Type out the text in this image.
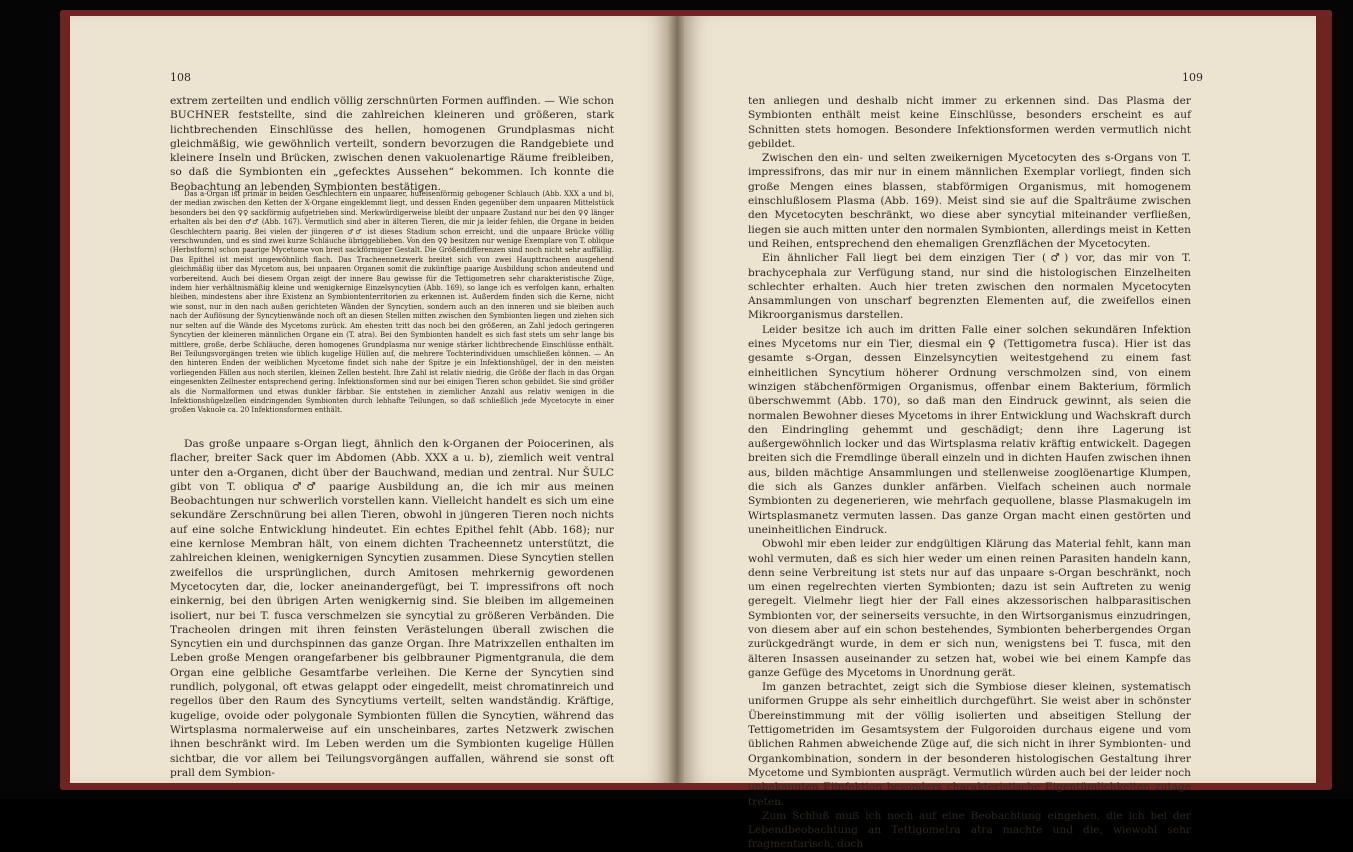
108

extrem zerteilten und endlich völlig zerschnürten Formen auffinden. — Wie schon BUCHNER feststellte, sind die zahlreichen kleineren und größeren, stark lichtbrechenden Einschlüsse des hellen, homogenen Grundplasmas nicht gleichmäßig, wie gewöhnlich verteilt, sondern bevorzugen die Randgebiete und kleinere Inseln und Brücken, zwischen denen vakuolenartige Räume freibleiben, so daß die Symbionten ein „gefecktes Aussehen“ bekommen. Ich konnte die Beobachtung an lebenden Symbionten bestätigen.

Das a-Organ ist primär in beiden Geschlechtern ein unpaarer, hufeisenförmig gebogener Schlauch (Abb. XXX a und b), der median zwischen den Ketten der X-Organe eingeklemmt liegt, und dessen Enden gegenüber dem unpaaren Mittelstück besonders bei den ♀♀ sackförmig aufgetrieben sind. Merkwürdigerweise bleibt der unpaare Zustand nur bei den ♀♀ länger erhalten als bei den ♂♂ (Abb. 167). Vermutlich sind aber in älteren Tieren, die mir ja leider fehlen, die Organe in beiden Geschlechtern paarig. Bei vielen der jüngeren ♂♂ ist dieses Stadium schon erreicht, und die unpaare Brücke völlig verschwunden, und es sind zwei kurze Schläuche übriggeblieben. Von den ♀♀ besitzen nur wenige Exemplare von T. oblique (Herbstform) schon paarige Mycetome von breit sackförmiger Gestalt. Die Größendifferenzen sind noch nicht sehr auffällig. Das Epithel ist meist ungewöhnlich flach. Das Tracheennetzwerk breitet sich von zwei Haupttracheen ausgehend gleichmäßig über das Mycetom aus, bei unpaaren Organen somit die zukünftige paarige Ausbildung schon andeutend und vorbereitend. Auch bei diesem Organ zeigt der innere Bau gewisse für die Tettigometren sehr charakteristische Züge, indem hier verhältnismäßig kleine und wenigkernige Einzelsyncytien (Abb. 169), so lange ich es verfolgen kann, erhalten bleiben, mindestens aber ihre Existenz an Symbiontenterritorien zu erkennen ist. Außerdem finden sich die Kerne, nicht wie sonst, nur in den nach außen gerichteten Wänden der Syncytien, sondern auch an den inneren und sie bleiben auch nach der Auflösung der Syncytienwände noch oft an diesen Stellen mitten zwischen den Symbionten liegen und ziehen sich nur selten auf die Wände des Mycetoms zurück. Am ehesten tritt das noch bei den größeren, an Zahl jedoch geringeren Syncytien der kleineren männlichen Organe ein (T. atra). Bei den Symbionten handelt es sich fast stets um sehr lange bis mittlere, große, derbe Schläuche, deren homogenes Grundplasma nur wenige stärker lichtbrechende Einschlüsse enthält. Bei Teilungsvorgängen treten wie üblich kugelige Hüllen auf, die mehrere Tochterindividuen umschließen können. — An den hinteren Enden der weiblichen Mycetome findet sich nahe der Spitze je ein Infektionshügel, der in den meisten vorliegenden Fällen aus noch sterilen, kleinen Zellen besteht. Ihre Zahl ist relativ niedrig, die Größe der flach in das Organ eingesenkten Zellnester entsprechend gering. Infektionsformen sind nur bei einigen Tieren schon gebildet. Sie sind größer als die Normalformen und etwas dunkler färbbar. Sie entstehen in ziemlicher Anzahl aus relativ wenigen in die Infektionshügelzellen eindringenden Symbionten durch lebhafte Teilungen, so daß schließlich jede Mycetocyte in einer großen Vakuole ca. 20 Infektionsformen enthält.

Das große unpaare s-Organ liegt, ähnlich den k-Organen der Poiocerinen, als flacher, breiter Sack quer im Abdomen (Abb. XXX a u. b), ziemlich weit ventral unter den a-Organen, dicht über der Bauchwand, median und zentral. Nur ŠULC gibt von T. obliqua ♂♂ paarige Ausbildung an, die ich mir aus meinen Beobachtungen nur schwerlich vorstellen kann. Vielleicht handelt es sich um eine sekundäre Zerschnürung bei allen Tieren, obwohl in jüngeren Tieren noch nichts auf eine solche Entwicklung hindeutet. Ein echtes Epithel fehlt (Abb. 168); nur eine kernlose Membran hält, von einem dichten Tracheennetz unterstützt, die zahlreichen kleinen, wenigkernigen Syncytien zusammen. Diese Syncytien stellen zweifellos die ursprünglichen, durch Amitosen mehrkernig gewordenen Mycetocyten dar, die, locker aneinandergefügt, bei T. impressifrons oft noch einkernig, bei den übrigen Arten wenigkernig sind. Sie bleiben im allgemeinen isoliert, nur bei T. fusca verschmelzen sie syncytial zu größeren Verbänden. Die Tracheolen dringen mit ihren feinsten Verästelungen überall zwischen die Syncytien ein und durchspinnen das ganze Organ. Ihre Matrixzellen enthalten im Leben große Mengen orangefarbener bis gelbbrauner Pigmentgranula, die dem Organ eine gelbliche Gesamtfarbe verleihen. Die Kerne der Syncytien sind rundlich, polygonal, oft etwas gelappt oder eingedellt, meist chromatinreich und regellos über den Raum des Syncytiums verteilt, selten wandständig. Kräftige, kugelige, ovoide oder polygonale Symbionten füllen die Syncytien, während das Wirtsplasma normalerweise auf ein unscheinbares, zartes Netzwerk zwischen ihnen beschränkt wird. Im Leben werden um die Symbionten kugelige Hüllen sichtbar, die vor allem bei Teilungsvorgängen auffallen, während sie sonst oft prall dem Symbion-

109

ten anliegen und deshalb nicht immer zu erkennen sind. Das Plasma der Symbionten enthält meist keine Einschlüsse, besonders erscheint es auf Schnitten stets homogen. Besondere Infektionsformen werden vermutlich nicht gebildet.

Zwischen den ein- und selten zweikernigen Mycetocyten des s-Organs von T. impressifrons, das mir nur in einem männlichen Exemplar vorliegt, finden sich große Mengen eines blassen, stabförmigen Organismus, mit homogenem einschlußlosem Plasma (Abb. 169). Meist sind sie auf die Spalträume zwischen den Mycetocyten beschränkt, wo diese aber syncytial miteinander verfließen, liegen sie auch mitten unter den normalen Symbionten, allerdings meist in Ketten und Reihen, entsprechend den ehemaligen Grenzflächen der Mycetocyten.

Ein ähnlicher Fall liegt bei dem einzigen Tier (♂) vor, das mir von T. brachycephala zur Verfügung stand, nur sind die histologischen Einzelheiten schlechter erhalten. Auch hier treten zwischen den normalen Mycetocyten Ansammlungen von unscharf begrenzten Elementen auf, die zweifellos einen Mikroorganismus darstellen.

Leider besitze ich auch im dritten Falle einer solchen sekundären Infektion eines Mycetoms nur ein Tier, diesmal ein ♀ (Tettigometra fusca). Hier ist das gesamte s-Organ, dessen Einzelsyncytien weitestgehend zu einem fast einheitlichen Syncytium höherer Ordnung verschmolzen sind, von einem winzigen stäbchenförmigen Organismus, offenbar einem Bakterium, förmlich überschwemmt (Abb. 170), so daß man den Eindruck gewinnt, als seien die normalen Bewohner dieses Mycetoms in ihrer Entwicklung und Wachskraft durch den Eindringling gehemmt und geschädigt; denn ihre Lagerung ist außergewöhnlich locker und das Wirtsplasma relativ kräftig entwickelt. Dagegen breiten sich die Fremdlinge überall einzeln und in dichten Haufen zwischen ihnen aus, bilden mächtige Ansammlungen und stellenweise zooglöenartige Klumpen, die sich als Ganzes dunkler anfärben. Vielfach scheinen auch normale Symbionten zu degenerieren, wie mehrfach gequollene, blasse Plasmakugeln im Wirtsplasmanetz vermuten lassen. Das ganze Organ macht einen gestörten und uneinheitlichen Eindruck.

Obwohl mir eben leider zur endgültigen Klärung das Material fehlt, kann man wohl vermuten, daß es sich hier weder um einen reinen Parasiten handeln kann, denn seine Verbreitung ist stets nur auf das unpaare s-Organ beschränkt, noch um einen regelrechten vierten Symbionten; dazu ist sein Auftreten zu wenig geregelt. Vielmehr liegt hier der Fall eines akzessorischen halbparasitischen Symbionten vor, der seinerseits versuchte, in den Wirtsorganismus einzudringen, von diesem aber auf ein schon bestehendes, Symbionten beherbergendes Organ zurückgedrängt wurde, in dem er sich nun, wenigstens bei T. fusca, mit den älteren Insassen auseinander zu setzen hat, wobei wie bei einem Kampfe das ganze Gefüge des Mycetoms in Unordnung gerät.

Im ganzen betrachtet, zeigt sich die Symbiose dieser kleinen, systematisch uniformen Gruppe als sehr einheitlich durchgeführt. Sie weist aber in schönster Übereinstimmung mit der völlig isolierten und abseitigen Stellung der Tettigometriden im Gesamtsystem der Fulgoroiden durchaus eigene und vom üblichen Rahmen abweichende Züge auf, die sich nicht in ihrer Symbionten- und Organkombination, sondern in der besonderen histologischen Gestaltung ihrer Mycetome und Symbionten ausprägt. Vermutlich würden auch bei der leider noch unbekannten Eiinfektion besonders charakteristische Eigentümlichkeiten zutage treten.

Zum Schluß muß ich noch auf eine Beobachtung eingehen, die ich bei der Lebendbeobachtung an Tettigometra atra machte und die, wiewohl sehr fragmentarisch, doch
